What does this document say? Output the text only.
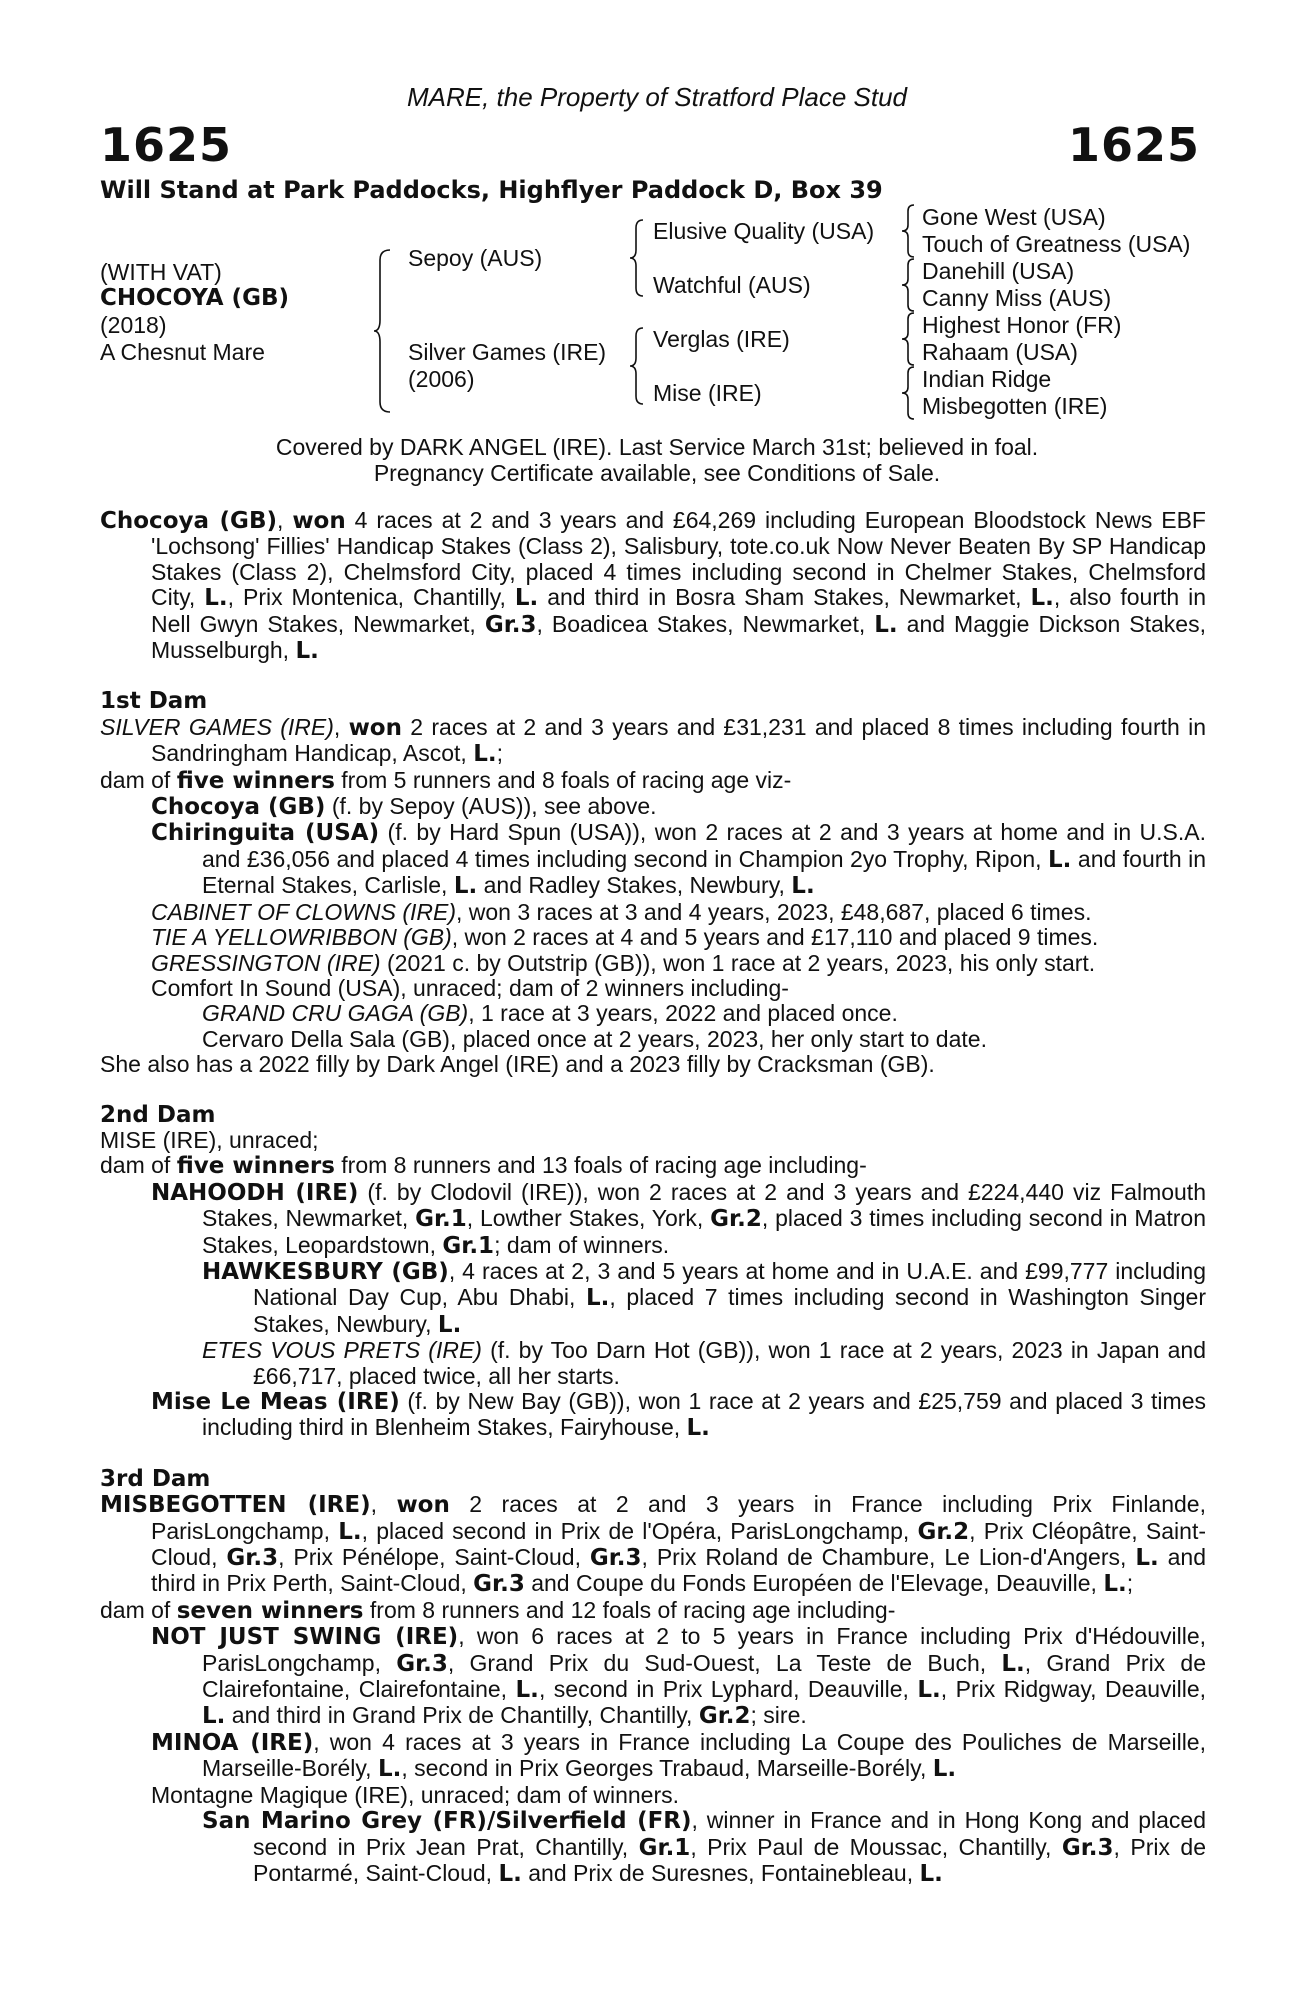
MARE, the Property of Stratford Place Stud
1625	1625
Will Stand at Park Paddocks, Highflyer Paddock D, Box 39
(WITH VAT)
CHOCOYA (GB)
(2018)
A Chesnut Mare
Sepoy (AUS)
Silver Games (IRE)
(2006)
Elusive Quality (USA)
Watchful (AUS)
Verglas (IRE)
Mise (IRE)
Gone West (USA)
Touch of Greatness (USA)
Danehill (USA)
Canny Miss (AUS)
Highest Honor (FR)
Rahaam (USA)
Indian Ridge
Misbegotten (IRE)
Covered by DARK ANGEL (IRE). Last Service March 31st; believed in foal.
Pregnancy Certificate available, see Conditions of Sale.

Chocoya (GB), won 4 races at 2 and 3 years and £64,269 including European Bloodstock News EBF 'Lochsong' Fillies' Handicap Stakes (Class 2), Salisbury, tote.co.uk Now Never Beaten By SP Handicap Stakes (Class 2), Chelmsford City, placed 4 times including second in Chelmer Stakes, Chelmsford City, L., Prix Montenica, Chantilly, L. and third in Bosra Sham Stakes, Newmarket, L., also fourth in Nell Gwyn Stakes, Newmarket, Gr.3, Boadicea Stakes, Newmarket, L. and Maggie Dickson Stakes, Musselburgh, L.

1st Dam

SILVER GAMES (IRE), won 2 races at 2 and 3 years and £31,231 and placed 8 times including fourth in Sandringham Handicap, Ascot, L.;

dam of five winners from 5 runners and 8 foals of racing age viz-

Chocoya (GB) (f. by Sepoy (AUS)), see above.

Chiringuita (USA) (f. by Hard Spun (USA)), won 2 races at 2 and 3 years at home and in U.S.A. and £36,056 and placed 4 times including second in Champion 2yo Trophy, Ripon, L. and fourth in Eternal Stakes, Carlisle, L. and Radley Stakes, Newbury, L.

CABINET OF CLOWNS (IRE), won 3 races at 3 and 4 years, 2023, £48,687, placed 6 times.

TIE A YELLOWRIBBON (GB), won 2 races at 4 and 5 years and £17,110 and placed 9 times.

GRESSINGTON (IRE) (2021 c. by Outstrip (GB)), won 1 race at 2 years, 2023, his only start.

Comfort In Sound (USA), unraced; dam of 2 winners including-

GRAND CRU GAGA (GB), 1 race at 3 years, 2022 and placed once.

Cervaro Della Sala (GB), placed once at 2 years, 2023, her only start to date.

She also has a 2022 filly by Dark Angel (IRE) and a 2023 filly by Cracksman (GB).

2nd Dam

MISE (IRE), unraced;

dam of five winners from 8 runners and 13 foals of racing age including-

NAHOODH (IRE) (f. by Clodovil (IRE)), won 2 races at 2 and 3 years and £224,440 viz Falmouth Stakes, Newmarket, Gr.1, Lowther Stakes, York, Gr.2, placed 3 times including second in Matron Stakes, Leopardstown, Gr.1; dam of winners.

HAWKESBURY (GB), 4 races at 2, 3 and 5 years at home and in U.A.E. and £99,777 including National Day Cup, Abu Dhabi, L., placed 7 times including second in Washington Singer Stakes, Newbury, L.

ETES VOUS PRETS (IRE) (f. by Too Darn Hot (GB)), won 1 race at 2 years, 2023 in Japan and £66,717, placed twice, all her starts.

Mise Le Meas (IRE) (f. by New Bay (GB)), won 1 race at 2 years and £25,759 and placed 3 times including third in Blenheim Stakes, Fairyhouse, L.

3rd Dam

MISBEGOTTEN (IRE), won 2 races at 2 and 3 years in France including Prix Finlande, ParisLongchamp, L., placed second in Prix de l'Opéra, ParisLongchamp, Gr.2, Prix Cléopâtre, Saint-Cloud, Gr.3, Prix Pénélope, Saint-Cloud, Gr.3, Prix Roland de Chambure, Le Lion-d'Angers, L. and third in Prix Perth, Saint-Cloud, Gr.3 and Coupe du Fonds Européen de l'Elevage, Deauville, L.;

dam of seven winners from 8 runners and 12 foals of racing age including-

NOT JUST SWING (IRE), won 6 races at 2 to 5 years in France including Prix d'Hédouville, ParisLongchamp, Gr.3, Grand Prix du Sud-Ouest, La Teste de Buch, L., Grand Prix de Clairefontaine, Clairefontaine, L., second in Prix Lyphard, Deauville, L., Prix Ridgway, Deauville, L. and third in Grand Prix de Chantilly, Chantilly, Gr.2; sire.

MINOA (IRE), won 4 races at 3 years in France including La Coupe des Pouliches de Marseille, Marseille-Borély, L., second in Prix Georges Trabaud, Marseille-Borély, L.

Montagne Magique (IRE), unraced; dam of winners.

San Marino Grey (FR)/Silverfield (FR), winner in France and in Hong Kong and placed second in Prix Jean Prat, Chantilly, Gr.1, Prix Paul de Moussac, Chantilly, Gr.3, Prix de Pontarmé, Saint-Cloud, L. and Prix de Suresnes, Fontainebleau, L.
